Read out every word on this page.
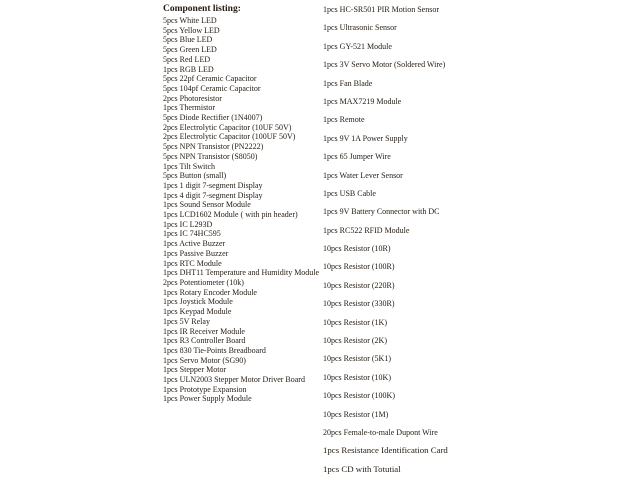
Component listing:
5pcs White LED
5pcs Yellow LED
5pcs Blue LED
5pcs Green LED
5pcs Red LED
1pcs RGB LED
5pcs 22pf Ceramic Capacitor
5pcs 104pf Ceramic Capacitor
2pcs Photoresistor
1pcs Thermistor
5pcs Diode Rectifier (1N4007)
2pcs Electrolytic Capacitor (10UF 50V)
2pcs Electrolytic Capacitor (100UF 50V)
5pcs NPN Transistor (PN2222)
5pcs NPN Transistor (S8050)
1pcs Tilt Switch
5pcs Button (small)
1pcs 1 digit 7-segment Display
1pcs 4 digit 7-segment Display
1pcs Sound Sensor Module
1pcs LCD1602 Module ( with pin header)
1pcs IC L293D
1pcs IC 74HC595
1pcs Active Buzzer
1pcs Passive Buzzer
1pcs RTC Module
1pcs DHT11 Temperature and Humidity Module
2pcs Potentiometer (10k)
1pcs Rotary Encoder Module
1pcs Joystick Module
1pcs Keypad Module
1pcs 5V Relay
1pcs IR Receiver Module
1pcs R3 Controller Board
1pcs 830 Tie-Points Breadboard
1pcs Servo Motor (SG90)
1pcs Stepper Motor
1pcs ULN2003 Stepper Motor Driver Board
1pcs Prototype Expansion
1pcs Power Supply Module
1pcs HC-SR501 PIR Motion Sensor
1pcs Ultrasonic Sensor
1pcs GY-521 Module
1pcs 3V Servo Motor (Soldered Wire)
1pcs Fan Blade
1pcs MAX7219 Module
1pcs Remote
1pcs 9V 1A Power Supply
1pcs 65 Jumper Wire
1pcs Water Lever Sensor
1pcs USB Cable
1pcs 9V Battery Connector with DC
1pcs RC522 RFID Module
10pcs Resistor (10R)
10pcs Resistor (100R)
10pcs Resistor (220R)
10pcs Resistor (330R)
10pcs Resistor (1K)
10pcs Resistor (2K)
10pcs Resistor (5K1)
10pcs Resistor (10K)
10pcs Resistor (100K)
10pcs Resistor (1M)
20pcs Female-to-male Dupont Wire
1pcs Resistance Identification Card
1pcs CD with Totutial
